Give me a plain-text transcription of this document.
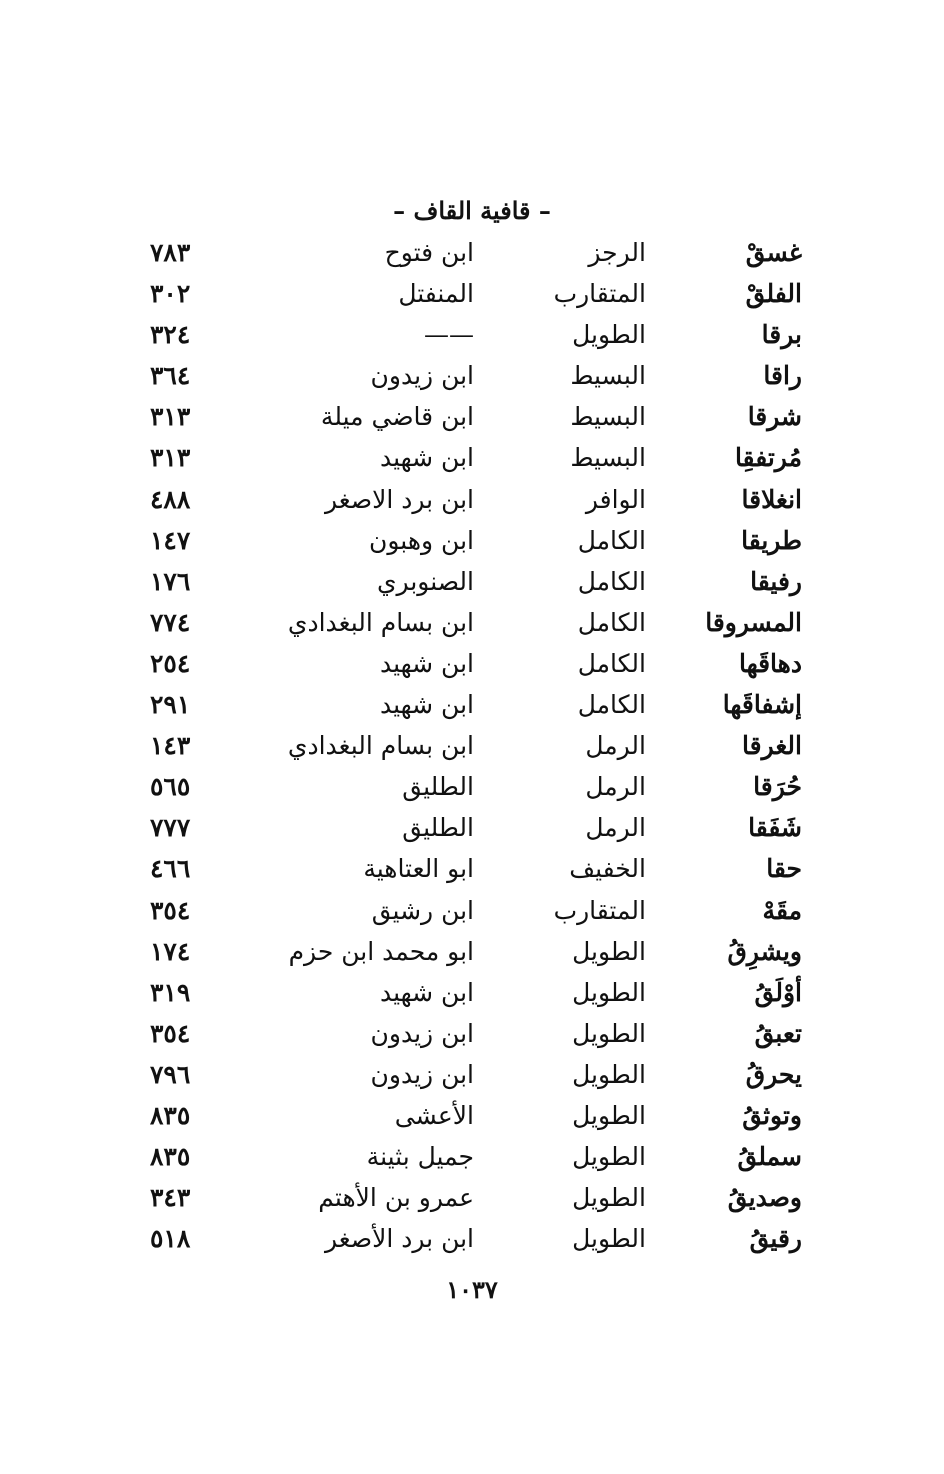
– قافية القاف –
غسقْ
الرجز
ابن فتوح
٧٨٣
الفلقْ
المتقارب
المنفتل
٣٠٢
برقا
الطويل
——
٣٢٤
راقا
البسيط
ابن زيدون
٣٦٤
شرقا
البسيط
ابن قاضي ميلة
٣١٣
مُرتفقِا
البسيط
ابن شهيد
٣١٣
انغلاقا
الوافر
ابن برد الاصغر
٤٨٨
طريقا
الكامل
ابن وهبون
١٤٧
رفيقا
الكامل
الصنوبري
١٧٦
المسروقا
الكامل
ابن بسام البغدادي
٧٧٤
دهاقَها
الكامل
ابن شهيد
٢٥٤
إشفاقَها
الكامل
ابن شهيد
٢٩١
الغرقا
الرمل
ابن بسام البغدادي
١٤٣
حُرَقا
الرمل
الطليق
٥٦٥
شَفَقا
الرمل
الطليق
٧٧٧
حقا
الخفيف
ابو العتاهية
٤٦٦
مقَهْ
المتقارب
ابن رشيق
٣٥٤
ويشرِقُ
الطويل
ابو محمد ابن حزم
١٧٤
أوْلَقُ
الطويل
ابن شهيد
٣١٩
تعبقُ
الطويل
ابن زيدون
٣٥٤
يحرقُ
الطويل
ابن زيدون
٧٩٦
وتوثقُ
الطويل
الأعشى
٨٣٥
سملقُ
الطويل
جميل بثينة
٨٣٥
وصديقُ
الطويل
عمرو بن الأهتم
٣٤٣
رقيقُ
الطويل
ابن برد الأصغر
٥١٨
١٠٣٧
